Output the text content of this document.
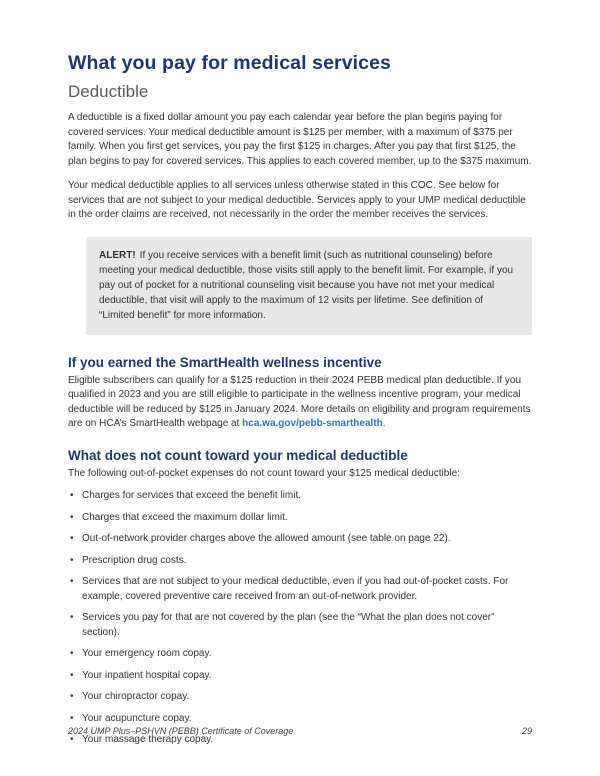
What you pay for medical services
Deductible

A deductible is a fixed dollar amount you pay each calendar year before the plan begins paying for covered services. Your medical deductible amount is $125 per member, with a maximum of $375 per family. When you first get services, you pay the first $125 in charges. After you pay that first $125, the plan begins to pay for covered services. This applies to each covered member, up to the $375 maximum.

Your medical deductible applies to all services unless otherwise stated in this COC. See below for services that are not subject to your medical deductible. Services apply to your UMP medical deductible in the order claims are received, not necessarily in the order the member receives the services.

ALERT! If you receive services with a benefit limit (such as nutritional counseling) before meeting your medical deductible, those visits still apply to the benefit limit. For example, if you pay out of pocket for a nutritional counseling visit because you have not met your medical deductible, that visit will apply to the maximum of 12 visits per lifetime. See definition of “Limited benefit” for more information.
If you earned the SmartHealth wellness incentive

Eligible subscribers can qualify for a $125 reduction in their 2024 PEBB medical plan deductible. If you qualified in 2023 and you are still eligible to participate in the wellness incentive program, your medical deductible will be reduced by $125 in January 2024. More details on eligibility and program requirements are on HCA’s SmartHealth webpage at hca.wa.gov/pebb-smarthealth.

What does not count toward your medical deductible

The following out-of-pocket expenses do not count toward your $125 medical deductible:

• Charges for services that exceed the benefit limit.
• Charges that exceed the maximum dollar limit.
• Out-of-network provider charges above the allowed amount (see table on page 22).
• Prescription drug costs.
• Services that are not subject to your medical deductible, even if you had out-of-pocket costs. For example, covered preventive care received from an out-of-network provider.
• Services you pay for that are not covered by the plan (see the “What the plan does not cover” section).
• Your emergency room copay.
• Your inpatient hospital copay.
• Your chiropractor copay.
• Your acupuncture copay.
• Your massage therapy copay.
2024 UMP Plus–PSHVN (PEBB) Certificate of Coverage	29
